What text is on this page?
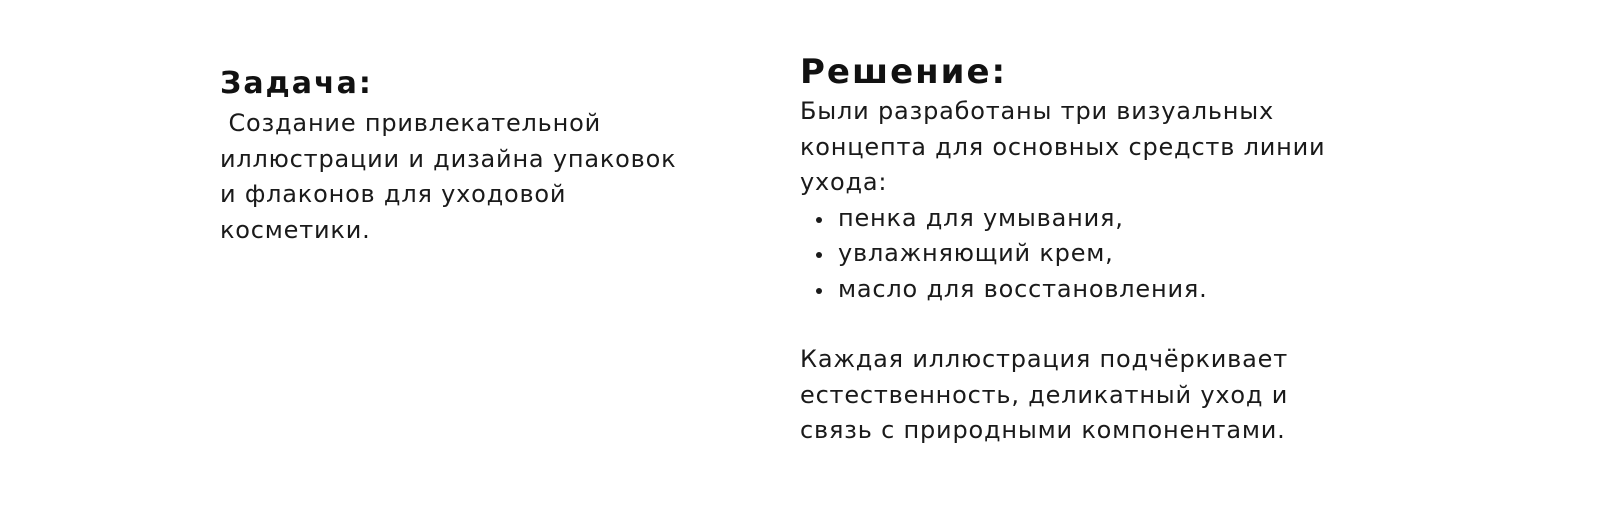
Задача:

Создание привлекательной иллюстрации и дизайна упаковок и флаконов для уходовой косметики.

Решение:

Были разработаны три визуальных концепта для основных средств линии ухода:

пенка для умывания,
увлажняющий крем,
масло для восстановления.

Каждая иллюстрация подчёркивает естественность, деликатный уход и связь с природными компонентами.
